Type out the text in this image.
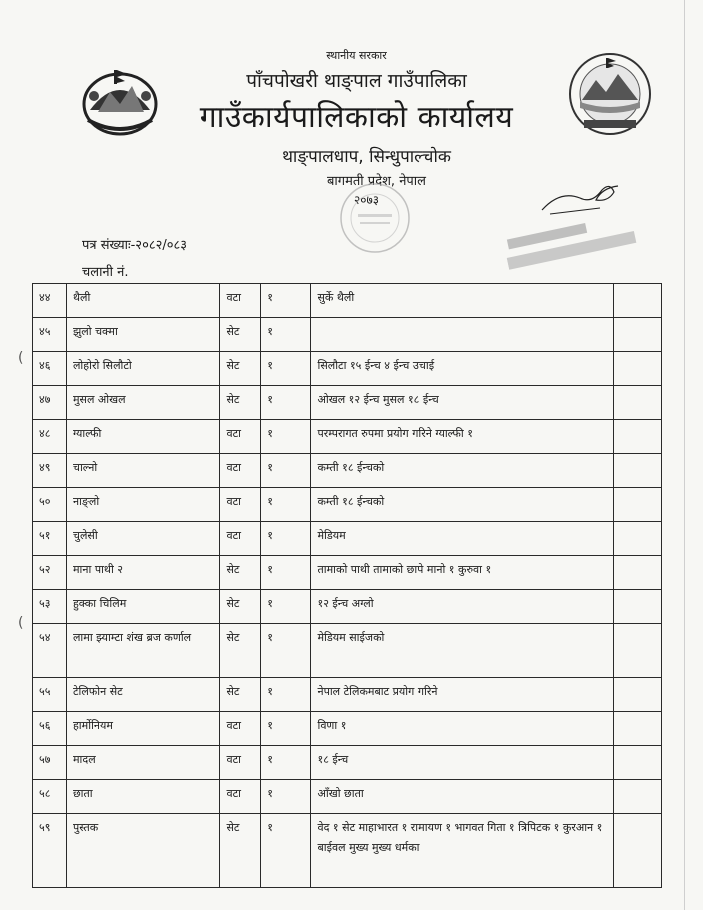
स्थानीय सरकार
पाँचपोखरी थाङ्पाल गाउँपालिका
गाउँकार्यपालिकाको कार्यालय
थाङ्पालधाप, सिन्धुपाल्चोक
बागमती प्रदेश, नेपाल
२०७३
पत्र संख्याः-२०८२/०८३
चलानी नं.
४४	थैली	वटा	१	सुर्के थैली	
४५	झुलो चक्मा	सेट	१		
४६	लोहोरो सिलौटो	सेट	१	सिलौटा १५ ईन्च ४ ईन्च उचाई	
४७	मुसल ओखल	सेट	१	ओखल १२ ईन्च मुसल १८ ईन्च	
४८	ग्याल्फी	वटा	१	परम्परागत रुपमा प्रयोग गरिने ग्याल्फी १	
४९	चाल्नो	वटा	१	कम्ती १८ ईन्चको	
५०	नाङ्लो	वटा	१	कम्ती १८ ईन्चको	
५१	चुलेसी	वटा	१	मेडियम	
५२	माना पाथी २	सेट	१	तामाको पाथी तामाको छापे मानो १ कुरुवा १	
५३	हुक्का चिलिम	सेट	१	१२ ईन्च अग्लो	
५४	लामा झ्याम्टा शंख ब्रज कर्णाल	सेट	१	मेडियम साईजको	
५५	टेलिफोन सेट	सेट	१	नेपाल टेलिकमबाट प्रयोग गरिने	
५६	हार्मोनियम	वटा	१	विणा १	
५७	मादल	वटा	१	१८ ईन्च	
५८	छाता	वटा	१	आँखो छाता	
५९	पुस्तक	सेट	१	वेद १ सेट माहाभारत १ रामायण १ भागवत गिता १ त्रिपिटक १ कुरआन १ बाईवल मुख्य मुख्य धर्मका	
(
(
